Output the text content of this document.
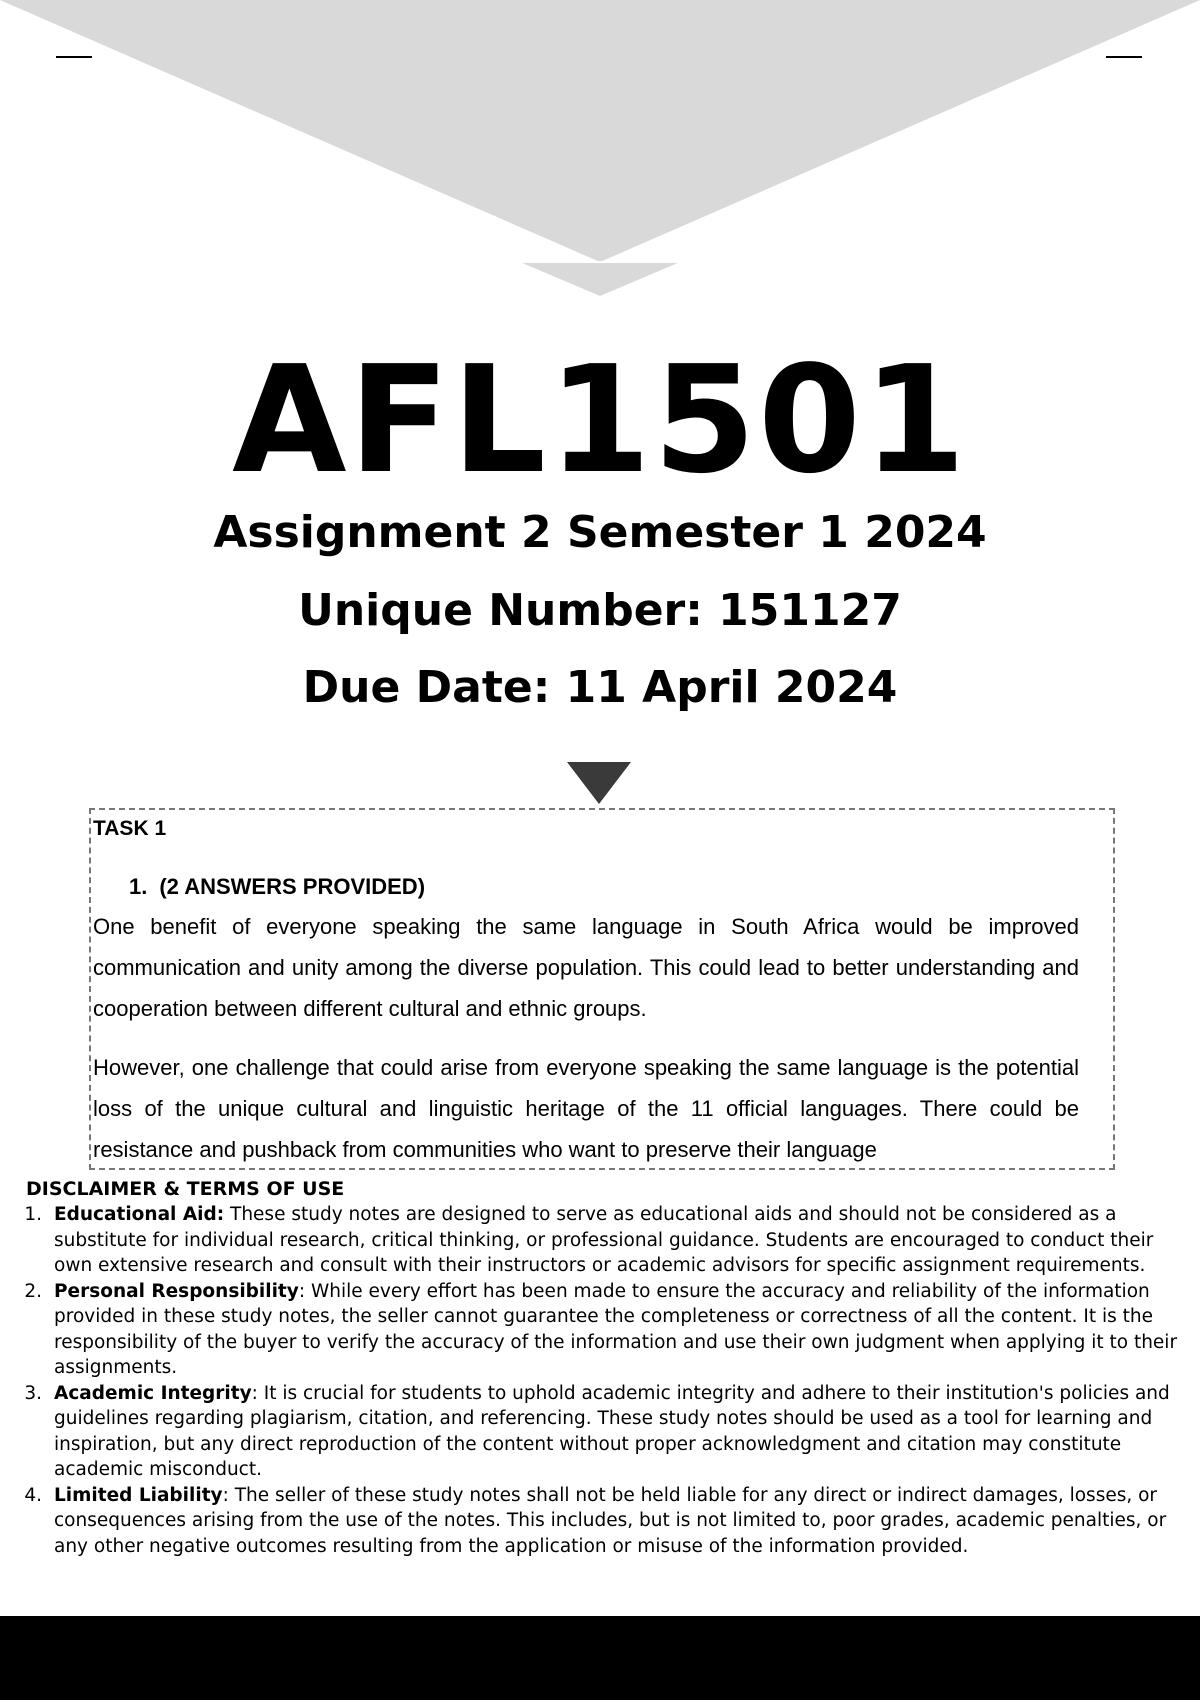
AFL1501
Assignment 2 Semester 1 2024
Unique Number: 151127
Due Date: 11 April 2024
TASK 1
1. (2 ANSWERS PROVIDED)

One benefit of everyone speaking the same language in South Africa would be improved communication and unity among the diverse population. This could lead to better understanding and cooperation between different cultural and ethnic groups.

However, one challenge that could arise from everyone speaking the same language is the potential loss of the unique cultural and linguistic heritage of the 11 official languages. There could be resistance and pushback from communities who want to preserve their language

DISCLAIMER & TERMS OF USE

1. Educational Aid: These study notes are designed to serve as educational aids and should not be considered as a substitute for individual research, critical thinking, or professional guidance. Students are encouraged to conduct their own extensive research and consult with their instructors or academic advisors for specific assignment requirements.
2. Personal Responsibility: While every effort has been made to ensure the accuracy and reliability of the information provided in these study notes, the seller cannot guarantee the completeness or correctness of all the content. It is the responsibility of the buyer to verify the accuracy of the information and use their own judgment when applying it to their assignments.
3. Academic Integrity: It is crucial for students to uphold academic integrity and adhere to their institution's policies and guidelines regarding plagiarism, citation, and referencing. These study notes should be used as a tool for learning and inspiration, but any direct reproduction of the content without proper acknowledgment and citation may constitute academic misconduct.
4. Limited Liability: The seller of these study notes shall not be held liable for any direct or indirect damages, losses, or consequences arising from the use of the notes. This includes, but is not limited to, poor grades, academic penalties, or any other negative outcomes resulting from the application or misuse of the information provided.
